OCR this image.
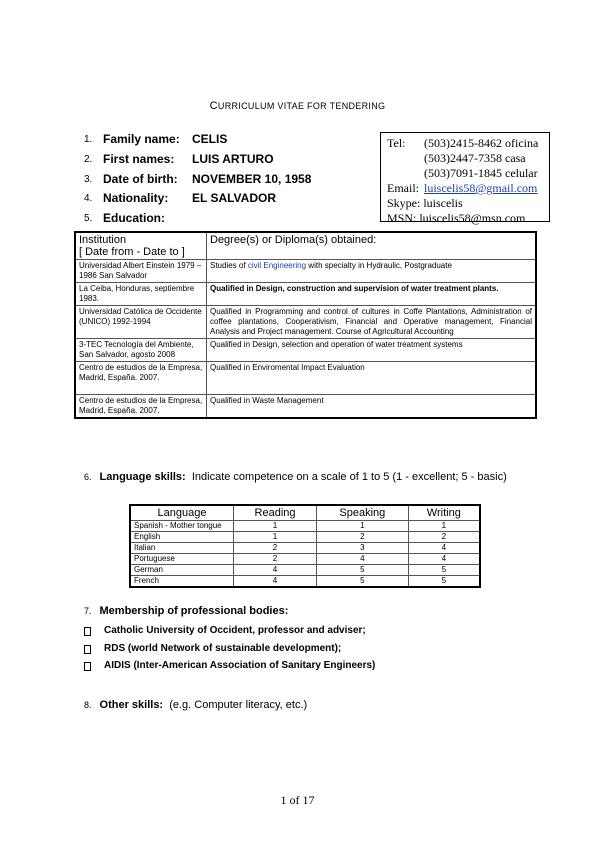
CURRICULUM VITAE FOR TENDERING
1. Family name: CELIS
2. First names: LUIS ARTURO
3. Date of birth: NOVEMBER 10, 1958
4. Nationality: EL SALVADOR
5. Education:
Tel: (503)2415-8462 oficina
(503)2447-7358 casa
(503)7091-1845 celular
Email: luiscelis58@gmail.com
Skype: luiscelis
MSN: luiscelis58@msn.com
Institution
[ Date from - Date to ]	Degree(s) or Diploma(s) obtained:
Universidad Albert Einstein 1979 – 1986 San Salvador	Studies of civil Engineering with specialty in Hydraulic, Postgraduate
La Ceiba, Honduras, septiembre 1983.	Qualified in Design, construction and supervision of water treatment plants.
Universidad Católica de Occidente (UNICO) 1992-1994	Qualified in Programming and control of cultures in Coffe Plantations, Administration of coffee plantations, Cooperativism, Financial and Operative management, Financial Analysis and Project management. Course of Agricultural Accounting
3-TEC Tecnología del Ambiente, San Salvador, agosto 2008	Qualified in Design, selection and operation of water treatment systems
Centro de estudios de la Empresa, Madrid, España. 2007.	Qualified in Enviromental Impact Evaluation
Centro de estudios de la Empresa, Madrid, España. 2007.	Qualified in Waste Management
6. Language skills: Indicate competence on a scale of 1 to 5 (1 - excellent; 5 - basic)
Language	Reading	Speaking	Writing
Spanish - Mother tongue	1	1	1
English	1	2	2
Italian	2	3	4
Portuguese	2	4	4
German	4	5	5
French	4	5	5
7. Membership of professional bodies:
Catholic University of Occident, professor and adviser;
RDS (world Network of sustainable development);
AIDIS (Inter-American Association of Sanitary Engineers)
8. Other skills: (e.g. Computer literacy, etc.)
1 of 17
